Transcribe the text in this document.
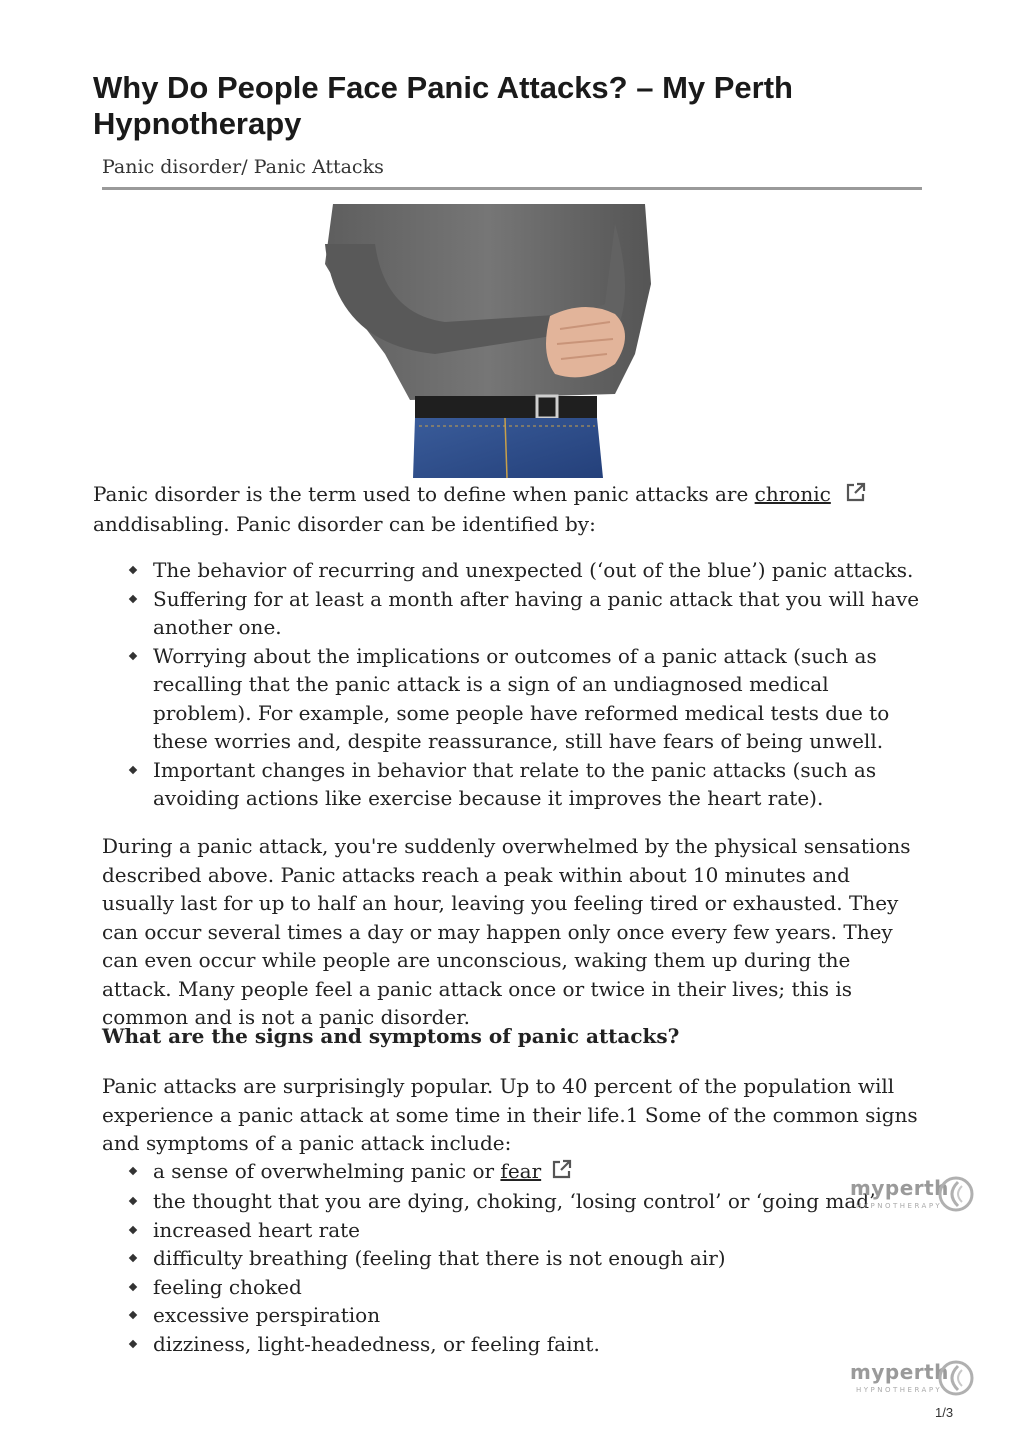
Why Do People Face Panic Attacks? – My Perth Hypnotherapy
Panic disorder/ Panic Attacks
Panic disorder is the term used to define when panic attacks are chronicanddisabling. Panic disorder can be identified by:
The behavior of recurring and unexpected (‘out of the blue’) panic attacks.
Suffering for at least a month after having a panic attack that you will have another one.
Worrying about the implications or outcomes of a panic attack (such as recalling that the panic attack is a sign of an undiagnosed medical problem). For example, some people have reformed medical tests due to these worries and, despite reassurance, still have fears of being unwell.
Important changes in behavior that relate to the panic attacks (such as avoiding actions like exercise because it improves the heart rate).

During a panic attack, you're suddenly overwhelmed by the physical sensations described above. Panic attacks reach a peak within about 10 minutes and usually last for up to half an hour, leaving you feeling tired or exhausted. They can occur several times a day or may happen only once every few years. They can even occur while people are unconscious, waking them up during the attack. Many people feel a panic attack once or twice in their lives; this is common and is not a panic disorder.

What are the signs and symptoms of panic attacks?

Panic attacks are surprisingly popular. Up to 40 percent of the population will experience a panic attack at some time in their life.1 Some of the common signs and symptoms of a panic attack include:

a sense of overwhelming panic or fear
the thought that you are dying, choking, ‘losing control’ or ‘going mad’
increased heart rate
difficulty breathing (feeling that there is not enough air)
feeling choked
excessive perspiration
dizziness, light-headedness, or feeling faint.
myperth
HYPNOTHERAPY
myperth
HYPNOTHERAPY
1/3
